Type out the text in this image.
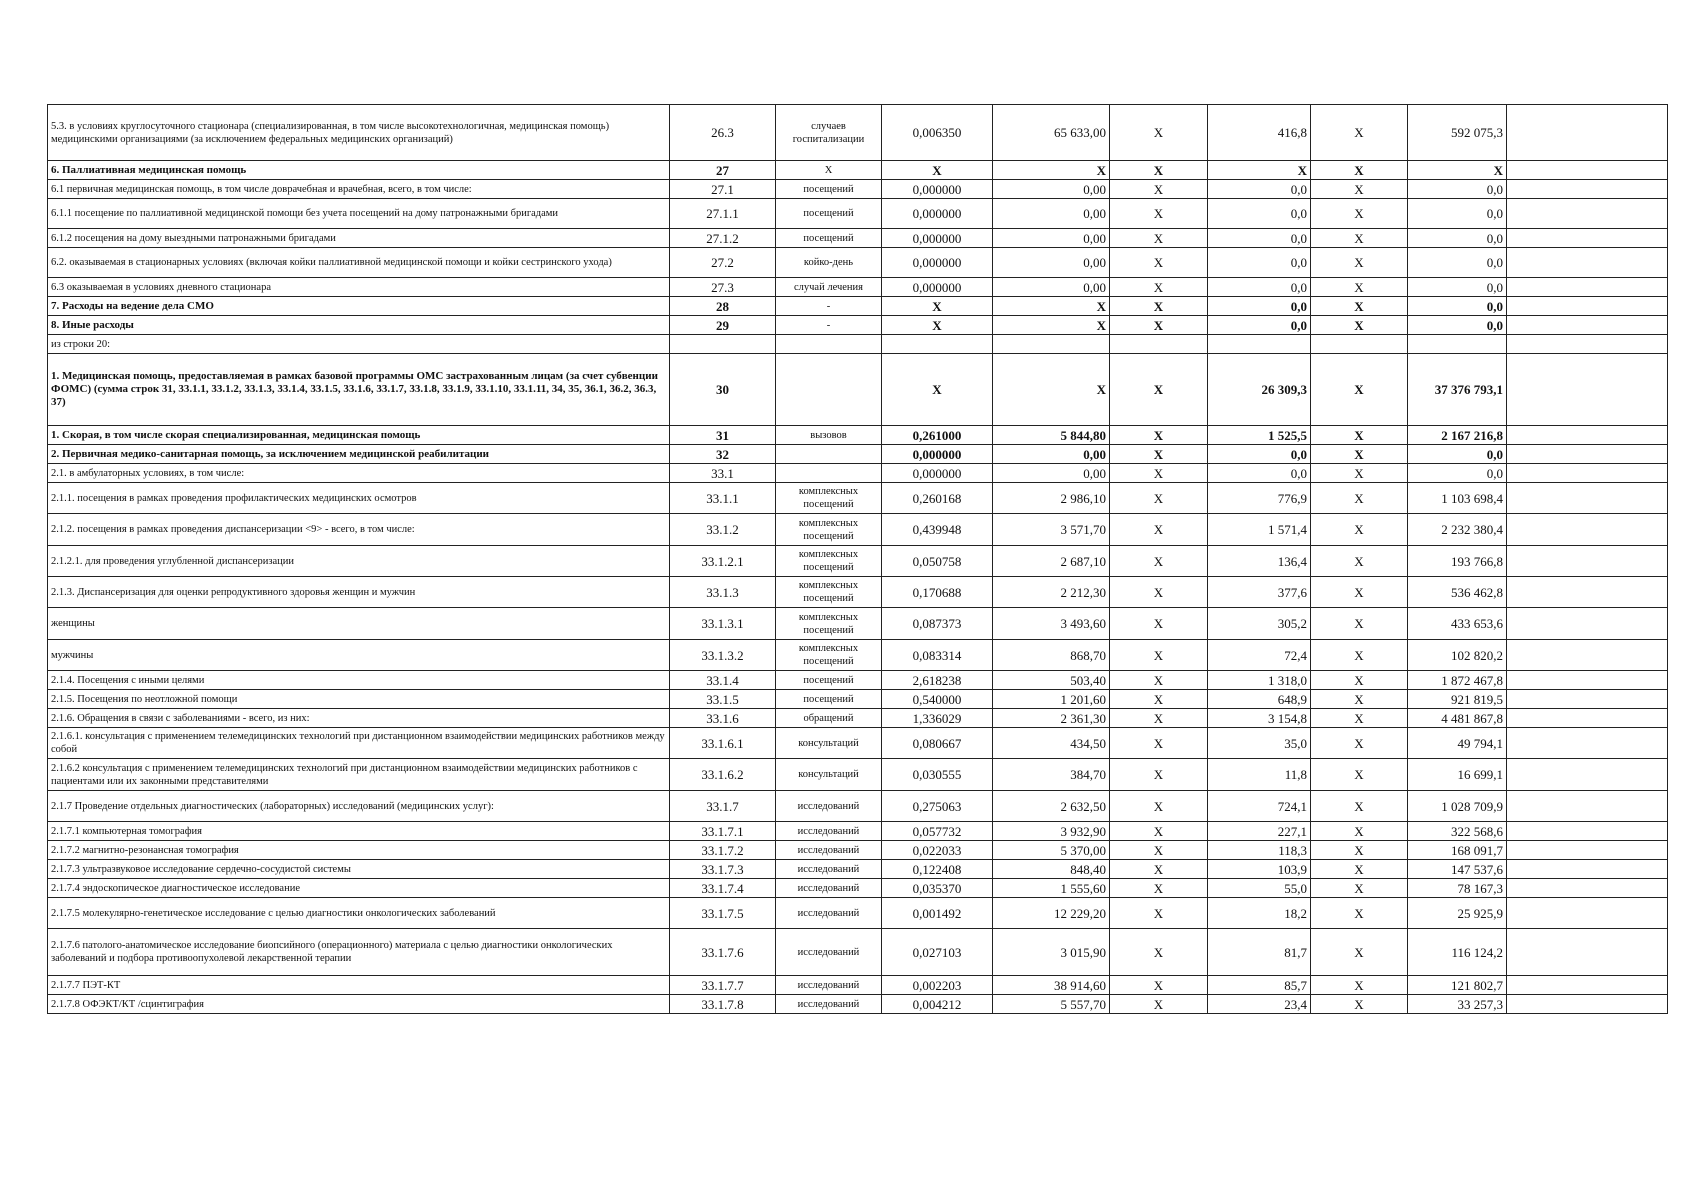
5.3. в условиях круглосуточного стационара (специализированная, в том числе высокотехнологичная, медицинская помощь) медицинскими организациями (за исключением федеральных медицинских организаций)	26.3	случаев госпитализации	0,006350	65 633,00	X	416,8	X	592 075,3	
6. Паллиативная медицинская помощь	27	X	X	X	X	X	X	X	
6.1 первичная медицинская помощь, в том числе доврачебная и врачебная, всего, в том числе:	27.1	посещений	0,000000	0,00	X	0,0	X	0,0	
6.1.1 посещение по паллиативной медицинской помощи без учета посещений на дому патронажными бригадами	27.1.1	посещений	0,000000	0,00	X	0,0	X	0,0	
6.1.2 посещения на дому выездными патронажными бригадами	27.1.2	посещений	0,000000	0,00	X	0,0	X	0,0	
6.2. оказываемая в стационарных условиях (включая койки паллиативной медицинской помощи и койки сестринского ухода)	27.2	койко-день	0,000000	0,00	X	0,0	X	0,0	
6.3 оказываемая в условиях дневного стационара	27.3	случай лечения	0,000000	0,00	X	0,0	X	0,0	
7. Расходы на ведение дела СМО	28	-	X	X	X	0,0	X	0,0	
8. Иные расходы	29	-	X	X	X	0,0	X	0,0	
из строки 20:									
1. Медицинская помощь, предоставляемая в рамках базовой программы ОМС застрахованным лицам (за счет субвенции ФОМС) (сумма строк 31, 33.1.1, 33.1.2, 33.1.3, 33.1.4, 33.1.5, 33.1.6, 33.1.7, 33.1.8, 33.1.9, 33.1.10, 33.1.11, 34, 35, 36.1, 36.2, 36.3, 37)	30		X	X	X	26 309,3	X	37 376 793,1	
1. Скорая, в том числе скорая специализированная, медицинская помощь	31	вызовов	0,261000	5 844,80	X	1 525,5	X	2 167 216,8	
2. Первичная медико-санитарная помощь, за исключением медицинской реабилитации	32		0,000000	0,00	X	0,0	X	0,0	
2.1. в амбулаторных условиях, в том числе:	33.1		0,000000	0,00	X	0,0	X	0,0	
2.1.1. посещения в рамках проведения профилактических медицинских осмотров	33.1.1	комплексных посещений	0,260168	2 986,10	X	776,9	X	1 103 698,4	
2.1.2. посещения в рамках проведения диспансеризации <9> - всего, в том числе:	33.1.2	комплексных посещений	0,439948	3 571,70	X	1 571,4	X	2 232 380,4	
2.1.2.1. для проведения углубленной диспансеризации	33.1.2.1	комплексных посещений	0,050758	2 687,10	X	136,4	X	193 766,8	
2.1.3. Диспансеризация для оценки репродуктивного здоровья женщин и мужчин	33.1.3	комплексных посещений	0,170688	2 212,30	X	377,6	X	536 462,8	
женщины	33.1.3.1	комплексных посещений	0,087373	3 493,60	X	305,2	X	433 653,6	
мужчины	33.1.3.2	комплексных посещений	0,083314	868,70	X	72,4	X	102 820,2	
2.1.4. Посещения с иными целями	33.1.4	посещений	2,618238	503,40	X	1 318,0	X	1 872 467,8	
2.1.5. Посещения по неотложной помощи	33.1.5	посещений	0,540000	1 201,60	X	648,9	X	921 819,5	
2.1.6. Обращения в связи с заболеваниями - всего, из них:	33.1.6	обращений	1,336029	2 361,30	X	3 154,8	X	4 481 867,8	
2.1.6.1. консультация с применением телемедицинских технологий при дистанционном взаимодействии медицинских работников между собой	33.1.6.1	консультаций	0,080667	434,50	X	35,0	X	49 794,1	
2.1.6.2 консультация с применением телемедицинских технологий при дистанционном взаимодействии медицинских работников с пациентами или их законными представителями	33.1.6.2	консультаций	0,030555	384,70	X	11,8	X	16 699,1	
2.1.7 Проведение отдельных диагностических (лабораторных) исследований (медицинских услуг):	33.1.7	исследований	0,275063	2 632,50	X	724,1	X	1 028 709,9	
2.1.7.1 компьютерная томография	33.1.7.1	исследований	0,057732	3 932,90	X	227,1	X	322 568,6	
2.1.7.2 магнитно-резонансная томография	33.1.7.2	исследований	0,022033	5 370,00	X	118,3	X	168 091,7	
2.1.7.3 ультразвуковое исследование сердечно-сосудистой системы	33.1.7.3	исследований	0,122408	848,40	X	103,9	X	147 537,6	
2.1.7.4 эндоскопическое диагностическое исследование	33.1.7.4	исследований	0,035370	1 555,60	X	55,0	X	78 167,3	
2.1.7.5 молекулярно-генетическое исследование с целью диагностики онкологических заболеваний	33.1.7.5	исследований	0,001492	12 229,20	X	18,2	X	25 925,9	
2.1.7.6 патолого-анатомическое исследование биопсийного (операционного) материала с целью диагностики онкологических заболеваний и подбора противоопухолевой лекарственной терапии	33.1.7.6	исследований	0,027103	3 015,90	X	81,7	X	116 124,2	
2.1.7.7 ПЭТ-КТ	33.1.7.7	исследований	0,002203	38 914,60	X	85,7	X	121 802,7	
2.1.7.8 ОФЭКТ/КТ /сцинтиграфия	33.1.7.8	исследований	0,004212	5 557,70	X	23,4	X	33 257,3	
